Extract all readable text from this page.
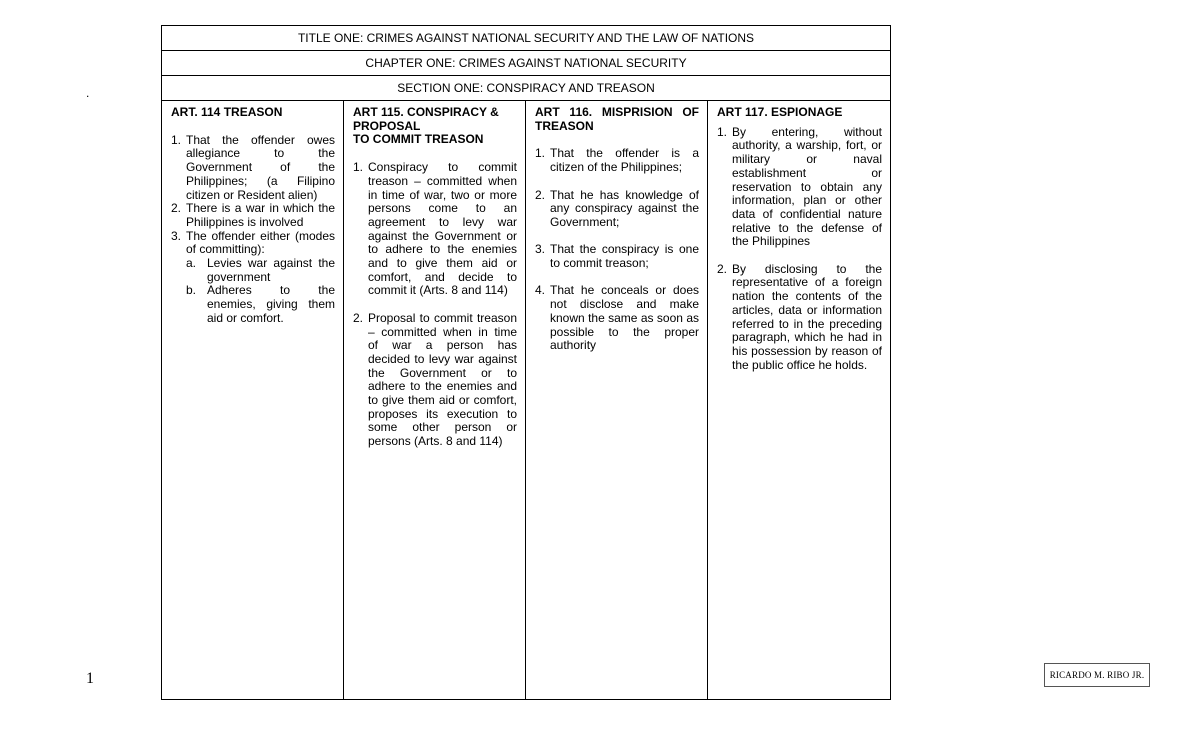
.
TITLE ONE: CRIMES AGAINST NATIONAL SECURITY AND THE LAW OF NATIONS
CHAPTER ONE: CRIMES AGAINST NATIONAL SECURITY
SECTION ONE: CONSPIRACY AND TREASON
ART. 114 TREASON
1. That the offender owes allegiance to the Government of the Philippines; (a Filipino citizen or Resident alien)
2. There is a war in which the Philippines is involved
3. The offender either (modes of committing):
a. Levies war against the government
b. Adheres to the enemies, giving them aid or comfort.
ART 115. CONSPIRACY &
PROPOSAL
TO COMMIT TREASON
1. Conspiracy to commit treason – committed when in time of war, two or more persons come to an agreement to levy war against the Government or to adhere to the enemies and to give them aid or comfort, and decide to commit it (Arts. 8 and 114)
2. Proposal to commit treason – committed when in time of war a person has decided to levy war against the Government or to adhere to the enemies and to give them aid or comfort, proposes its execution to some other person or persons (Arts. 8 and 114)
ART 116. MISPRISION OF
TREASON
1. That the offender is a citizen of the Philippines;
2. That he has knowledge of any conspiracy against the Government;
3. That the conspiracy is one to commit treason;
4. That he conceals or does not disclose and make known the same as soon as possible to the proper authority
ART 117. ESPIONAGE
1. By entering, without authority, a warship, fort, or military or naval establishment or reservation to obtain any information, plan or other data of confidential nature relative to the defense of the Philippines
2. By disclosing to the representative of a foreign nation the contents of the articles, data or information referred to in the preceding paragraph, which he had in his possession by reason of the public office he holds.
1	RICARDO M. RIBO JR.
